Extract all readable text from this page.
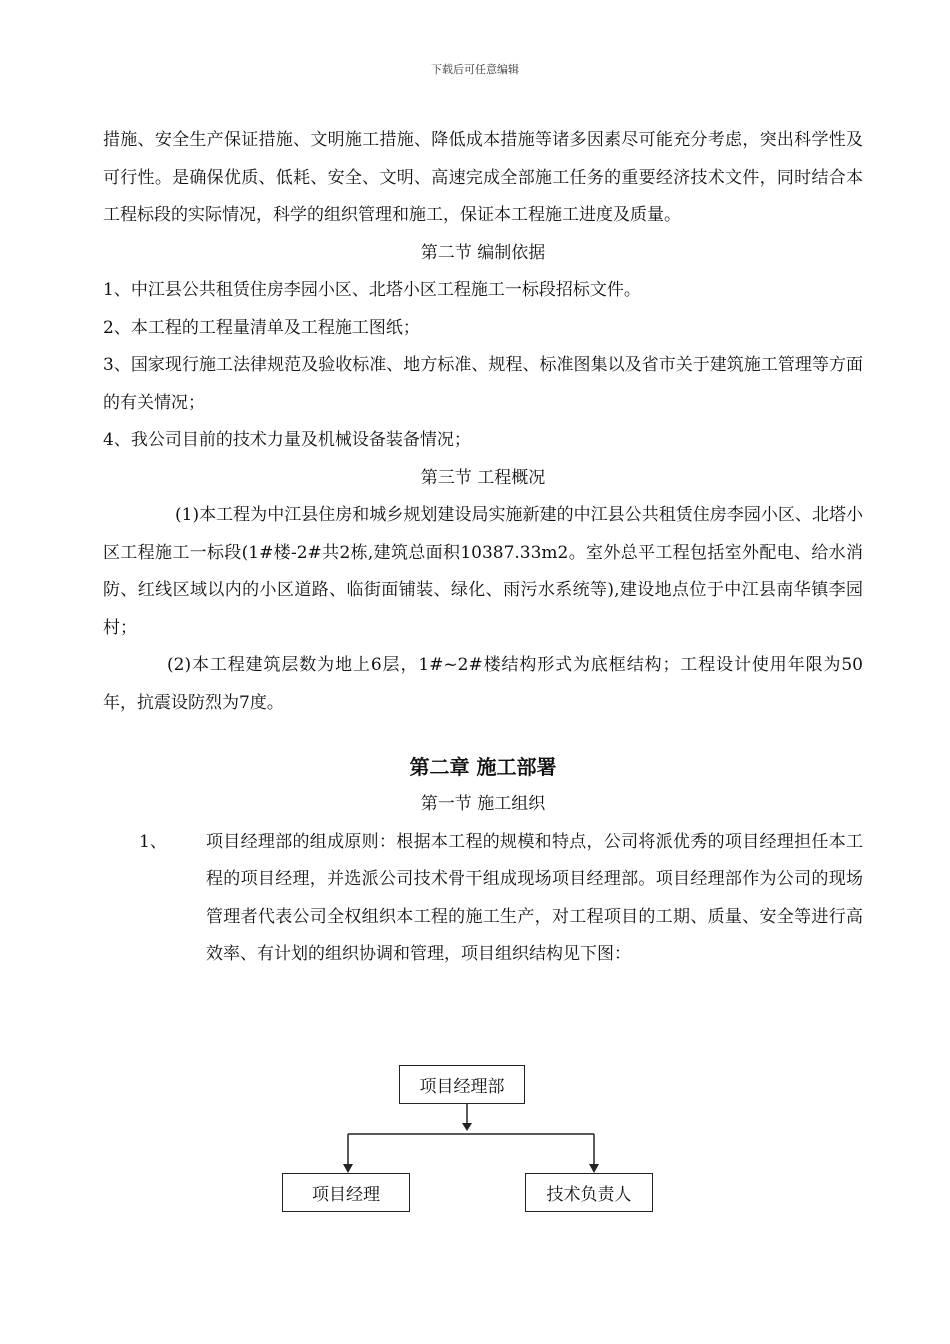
下载后可任意编辑

措施、安全生产保证措施、文明施工措施、降低成本措施等诸多因素尽可能充分考虑，突出科学性及可行性。是确保优质、低耗、安全、文明、高速完成全部施工任务的重要经济技术文件，同时结合本工程标段的实际情况，科学的组织管理和施工，保证本工程施工进度及质量。

第二节 编制依据

1、中江县公共租赁住房李园小区、北塔小区工程施工一标段招标文件。

2、本工程的工程量清单及工程施工图纸；

3、国家现行施工法律规范及验收标准、地方标准、规程、标准图集以及省市关于建筑施工管理等方面的有关情况；

4、我公司目前的技术力量及机械设备装备情况；

第三节 工程概况

(1)本工程为中江县住房和城乡规划建设局实施新建的中江县公共租赁住房李园小区、北塔小区工程施工一标段(1#楼-2#共2栋,建筑总面积10387.33m2。室外总平工程包括室外配电、给水消防、红线区域以内的小区道路、临街面铺装、绿化、雨污水系统等),建设地点位于中江县南华镇李园村；

(2)本工程建筑层数为地上6层，1#~2#楼结构形式为底框结构；工程设计使用年限为50年，抗震设防烈为7度。

第二章 施工部署

第一节 施工组织

1、 项目经理部的组成原则：根据本工程的规模和特点，公司将派优秀的项目经理担任本工程的项目经理，并选派公司技术骨干组成现场项目经理部。项目经理部作为公司的现场管理者代表公司全权组织本工程的施工生产，对工程项目的工期、质量、安全等进行高效率、有计划的组织协调和管理，项目组织结构见下图：
项目经理部
项目经理	技术负责人
